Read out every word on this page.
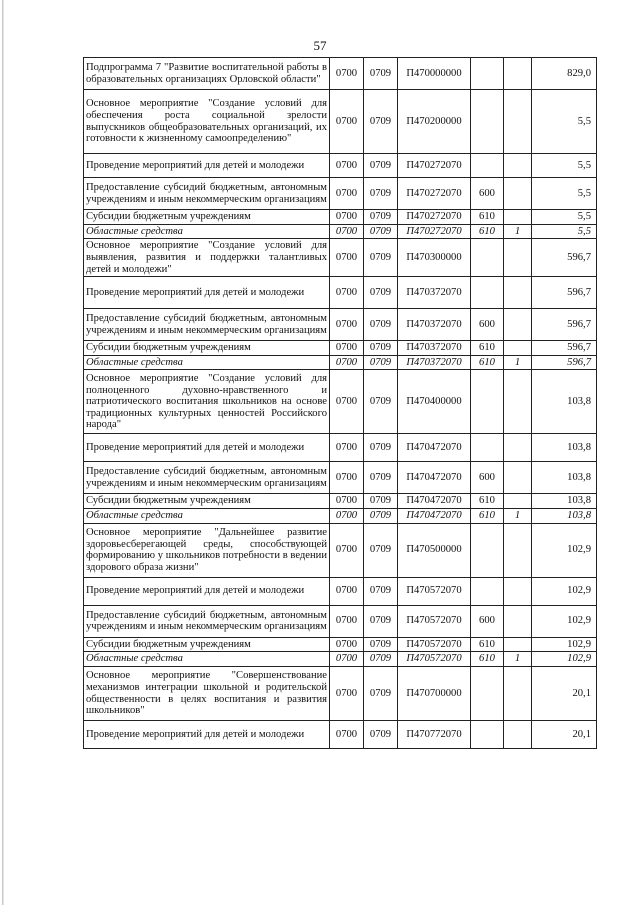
57
Подпрограмма 7 "Развитие воспитательной работы в образовательных организациях Орловской области"	0700	0709	П470000000			829,0
Основное мероприятие "Создание условий для обеспечения роста социальной зрелости выпускников общеобразовательных организаций, их готовности к жизненному самоопределению"	0700	0709	П470200000			5,5
Проведение мероприятий для детей и молодежи	0700	0709	П470272070			5,5
Предоставление субсидий бюджетным, автономным учреждениям и иным некоммерческим организациям	0700	0709	П470272070	600		5,5
Субсидии бюджетным учреждениям	0700	0709	П470272070	610		5,5
Областные средства	0700	0709	П470272070	610	1	5,5
Основное мероприятие "Создание условий для выявления, развития и поддержки талантливых детей и молодежи"	0700	0709	П470300000			596,7
Проведение мероприятий для детей и молодежи	0700	0709	П470372070			596,7
Предоставление субсидий бюджетным, автономным учреждениям и иным некоммерческим организациям	0700	0709	П470372070	600		596,7
Субсидии бюджетным учреждениям	0700	0709	П470372070	610		596,7
Областные средства	0700	0709	П470372070	610	1	596,7
Основное мероприятие "Создание условий для полноценного духовно-нравственного и патриотического воспитания школьников на основе традиционных культурных ценностей Российского народа"	0700	0709	П470400000			103,8
Проведение мероприятий для детей и молодежи	0700	0709	П470472070			103,8
Предоставление субсидий бюджетным, автономным учреждениям и иным некоммерческим организациям	0700	0709	П470472070	600		103,8
Субсидии бюджетным учреждениям	0700	0709	П470472070	610		103,8
Областные средства	0700	0709	П470472070	610	1	103,8
Основное мероприятие "Дальнейшее развитие здоровьесберегающей среды, способствующей формированию у школьников потребности в ведении здорового образа жизни"	0700	0709	П470500000			102,9
Проведение мероприятий для детей и молодежи	0700	0709	П470572070			102,9
Предоставление субсидий бюджетным, автономным учреждениям и иным некоммерческим организациям	0700	0709	П470572070	600		102,9
Субсидии бюджетным учреждениям	0700	0709	П470572070	610		102,9
Областные средства	0700	0709	П470572070	610	1	102,9
Основное мероприятие "Совершенствование механизмов интеграции школьной и родительской общественности в целях воспитания и развития школьников"	0700	0709	П470700000			20,1
Проведение мероприятий для детей и молодежи	0700	0709	П470772070			20,1
